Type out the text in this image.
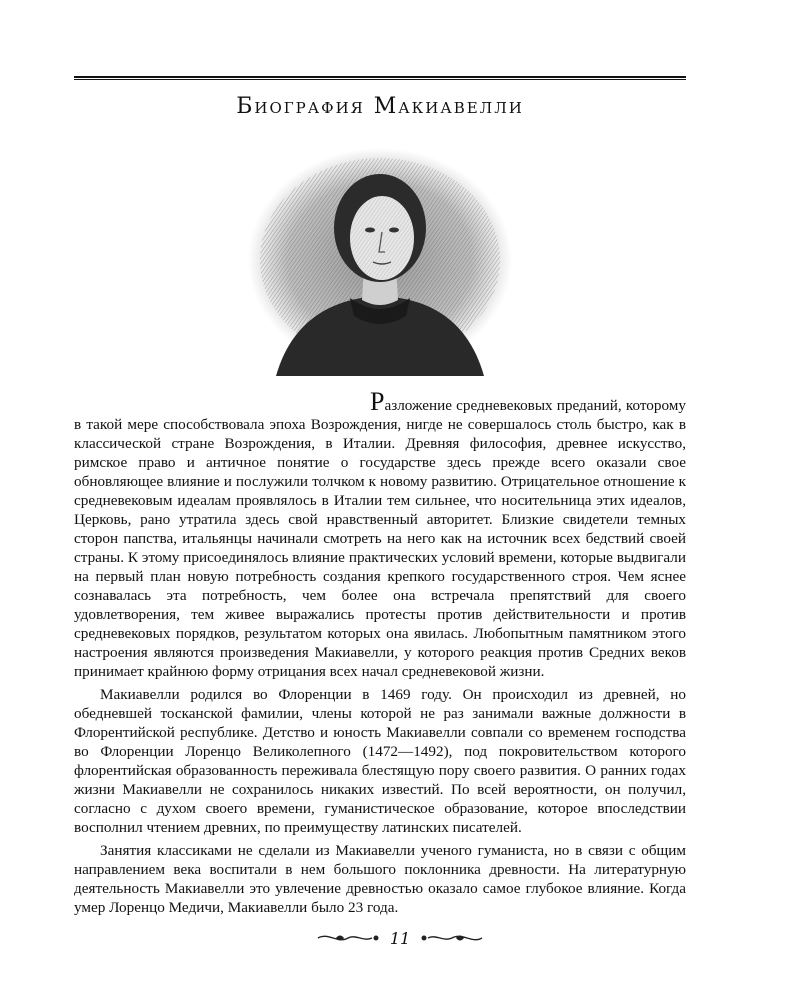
Биография Макиавелли

Разложение средневековых преданий, которому в такой мере способствовала эпоха Возрождения, нигде не совершалось столь быстро, как в классической стране Возрождения, в Италии. Древняя философия, древнее искусство, римское право и античное понятие о государстве здесь прежде всего оказали свое обновляющее влияние и послужили толчком к новому развитию. Отрицательное отношение к средневековым идеалам проявлялось в Италии тем сильнее, что носительница этих идеалов, Церковь, рано утратила здесь свой нравственный авторитет. Близкие свидетели темных сторон папства, итальянцы начинали смотреть на него как на источник всех бедствий своей страны. К этому присоединялось влияние практических условий времени, которые выдвигали на первый план новую потребность создания крепкого государственного строя. Чем яснее сознавалась эта потребность, чем более она встречала препятствий для своего удовлетворения, тем живее выражались протесты против действительности и против средневековых порядков, результатом которых она явилась. Любопытным памятником этого настроения являются произведения Макиавелли, у которого реакция против Средних веков принимает крайнюю форму отрицания всех начал средневековой жизни.

Макиавелли родился во Флоренции в 1469 году. Он происходил из древней, но обедневшей тосканской фамилии, члены которой не раз занимали важные должности в Флорентийской республике. Детство и юность Макиавелли совпали со временем господства во Флоренции Лоренцо Великолепного (1472—1492), под покровительством которого флорентийская образованность переживала блестящую пору своего развития. О ранних годах жизни Макиавелли не сохранилось никаких известий. По всей вероятности, он получил, согласно с духом своего времени, гуманистическое образование, которое впоследствии восполнил чтением древних, по преимуществу латинских писателей.

Занятия классиками не сделали из Макиавелли ученого гуманиста, но в связи с общим направлением века воспитали в нем большого поклонника древности. На литературную деятельность Макиавелли это увлечение древностью оказало самое глубокое влияние. Когда умер Лоренцо Медичи, Макиавелли было 23 года.

11
